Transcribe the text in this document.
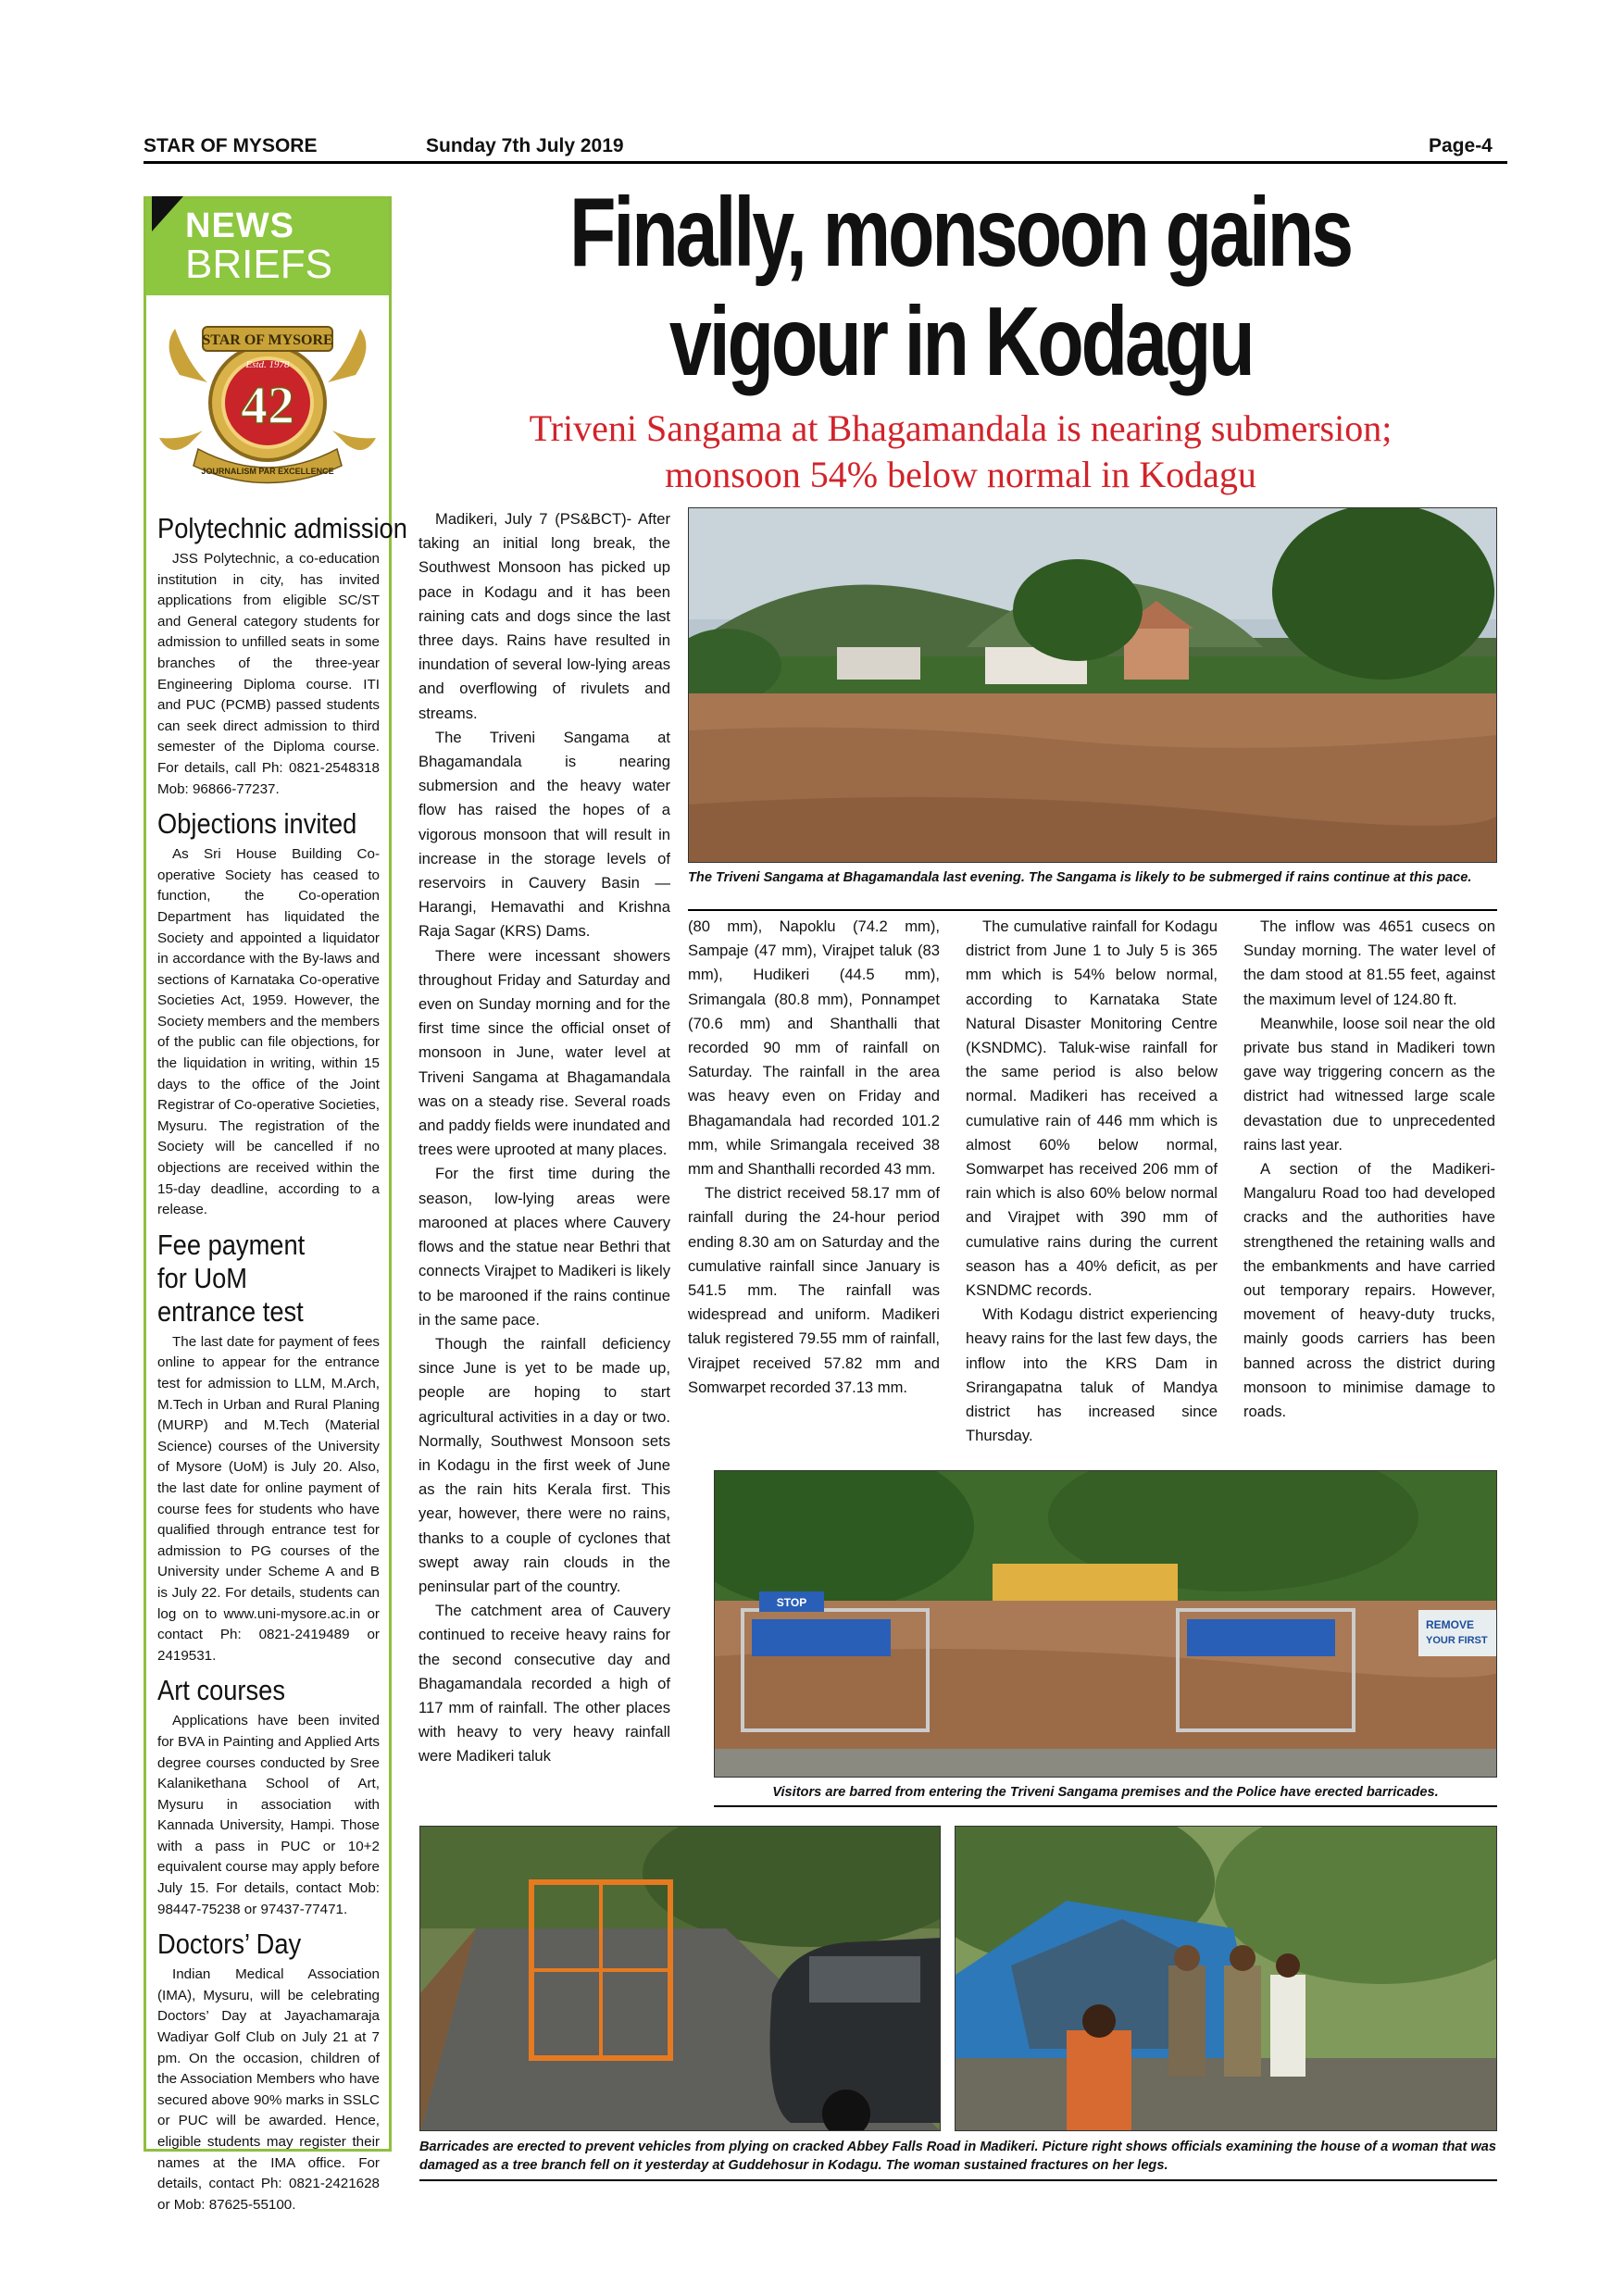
STAR OF MYSORE	Sunday 7th July 2019	Page-4
NEWS
BRIEFS
STAR OF MYSORE
Estd. 1978
42
JOURNALISM PAR EXCELLENCE
Polytechnic admission

JSS Polytechnic, a co-education institution in city, has invited applications from eligible SC/ST and General category students for admission to unfilled seats in some branches of the three-year Engineering Diploma course. ITI and PUC (PCMB) passed students can seek direct admission to third semester of the Diploma course. For details, call Ph: 0821-2548318 Mob: 96866-77237.

Objections invited

As Sri House Building Co-operative Society has ceased to function, the Co-operation Department has liquidated the Society and appointed a liquidator in accordance with the By-laws and sections of Karnataka Co-operative Societies Act, 1959. However, the Society members and the members of the public can file objections, for the liquidation in writing, within 15 days to the office of the Joint Registrar of Co-operative Societies, Mysuru. The registration of the Society will be cancelled if no objections are received within the 15-day deadline, according to a release.

Fee payment for UoM entrance test

The last date for payment of fees online to appear for the entrance test for admission to LLM, M.Arch, M.Tech in Urban and Rural Planing (MURP) and M.Tech (Material Science) courses of the University of Mysore (UoM) is July 20. Also, the last date for online payment of course fees for students who have qualified through entrance test for admission to PG courses of the University under Scheme A and B is July 22. For details, students can log on to www.uni-mysore.ac.in or contact Ph: 0821-2419489 or 2419531.

Art courses

Applications have been invited for BVA in Painting and Applied Arts degree courses conducted by Sree Kalanikethana School of Art, Mysuru in association with Kannada University, Hampi. Those with a pass in PUC or 10+2 equivalent course may apply before July 15. For details, contact Mob: 98447-75238 or 97437-77471.

Doctors’ Day

Indian Medical Association (IMA), Mysuru, will be celebrating Doctors’ Day at Jayachamaraja Wadiyar Golf Club on July 21 at 7 pm. On the occasion, children of the Association Members who have secured above 90% marks in SSLC or PUC will be awarded. Hence, eligible students may register their names at the IMA office. For details, contact Ph: 0821-2421628 or Mob: 87625-55100.

Finally, monsoon gains
vigour in Kodagu
Triveni Sangama at Bhagamandala is nearing submersion;
monsoon 54% below normal in Kodagu

Madikeri, July 7 (PS&BCT)- After taking an initial long break, the Southwest Monsoon has picked up pace in Kodagu and it has been raining cats and dogs since the last three days. Rains have resulted in inundation of several low-lying areas and overflowing of rivulets and streams.

The Triveni Sangama at Bhagamandala is nearing submersion and the heavy water flow has raised the hopes of a vigorous monsoon that will result in increase in the storage levels of reservoirs in Cauvery Basin — Harangi, Hemavathi and Krishna Raja Sagar (KRS) Dams.

There were incessant showers throughout Friday and Saturday and even on Sunday morning and for the first time since the official onset of monsoon in June, water level at Triveni Sangama at Bhagamandala was on a steady rise. Several roads and paddy fields were inundated and trees were uprooted at many places.

For the first time during the season, low-lying areas were marooned at places where Cauvery flows and the statue near Bethri that connects Virajpet to Madikeri is likely to be marooned if the rains continue in the same pace.

Though the rainfall deficiency since June is yet to be made up, people are hoping to start agricultural activities in a day or two. Normally, Southwest Monsoon sets in Kodagu in the first week of June as the rain hits Kerala first. This year, however, there were no rains, thanks to a couple of cyclones that swept away rain clouds in the peninsular part of the country.

The catchment area of Cauvery continued to receive heavy rains for the second consecutive day and Bhagamandala recorded a high of 117 mm of rainfall. The other places with heavy to very heavy rainfall were Madikeri taluk

The Triveni Sangama at Bhagamandala last evening. The Sangama is likely to be submerged if rains continue at this pace.

(80 mm), Napoklu (74.2 mm), Sampaje (47 mm), Virajpet taluk (83 mm), Hudikeri (44.5 mm), Srimangala (80.8 mm), Ponnampet (70.6 mm) and Shanthalli that recorded 90 mm of rainfall on Saturday. The rainfall in the area was heavy even on Friday and Bhagamandala had recorded 101.2 mm, while Srimangala received 38 mm and Shanthalli recorded 43 mm.

The district received 58.17 mm of rainfall during the 24-hour period ending 8.30 am on Saturday and the cumulative rainfall since January is 541.5 mm. The rainfall was widespread and uniform. Madikeri taluk registered 79.55 mm of rainfall, Virajpet received 57.82 mm and Somwarpet recorded 37.13 mm.

The cumulative rainfall for Kodagu district from June 1 to July 5 is 365 mm which is 54% below normal, according to Karnataka State Natural Disaster Monitoring Centre (KSNDMC). Taluk-wise rainfall for the same period is also below normal. Madikeri has received a cumulative rain of 446 mm which is almost 60% below normal, Somwarpet has received 206 mm of rain which is also 60% below normal and Virajpet with 390 mm of cumulative rains during the current season has a 40% deficit, as per KSNDMC records.

With Kodagu district experiencing heavy rains for the last few days, the inflow into the KRS Dam in Srirangapatna taluk of Mandya district has increased since Thursday.

The inflow was 4651 cusecs on Sunday morning. The water level of the dam stood at 81.55 feet, against the maximum level of 124.80 ft.

Meanwhile, loose soil near the old private bus stand in Madikeri town gave way triggering concern as the district had witnessed large scale devastation due to unprecedented rains last year.

A section of the Madikeri-Mangaluru Road too had developed cracks and the authorities have strengthened the retaining walls and the embankments and have carried out temporary repairs. However, movement of heavy-duty trucks, mainly goods carriers has been banned across the district during monsoon to minimise damage to roads.

STOP
REMOVE
YOUR FIRST
Visitors are barred from entering the Triveni Sangama premises and the Police have erected barricades.
Barricades are erected to prevent vehicles from plying on cracked Abbey Falls Road in Madikeri. Picture right shows officials examining the house of a woman that was damaged as a tree branch fell on it yesterday at Guddehosur in Kodagu. The woman sustained fractures on her legs.
